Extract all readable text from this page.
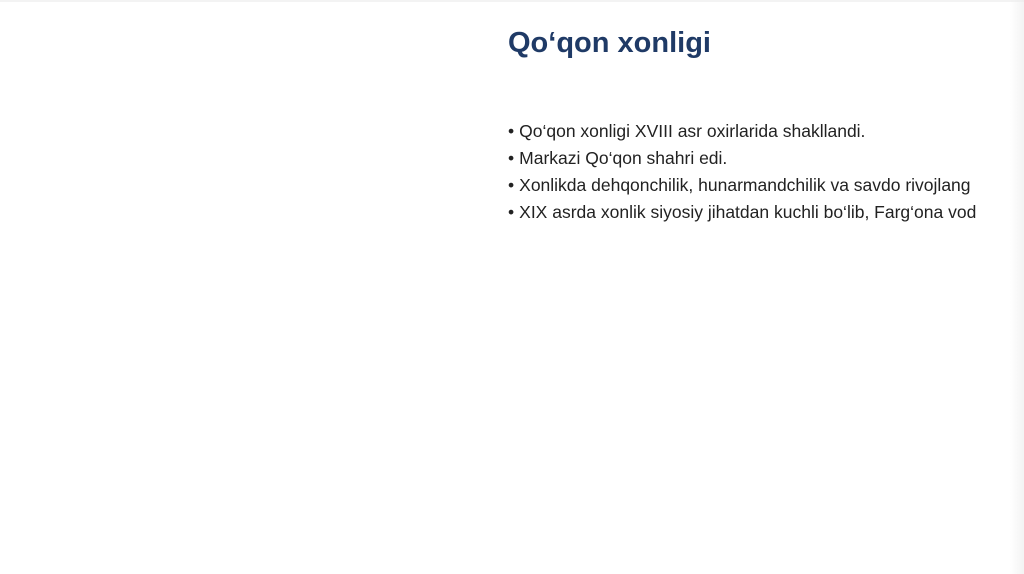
Qo‘qon xonligi
• Qo‘qon xonligi XVIII asr oxirlarida shakllandi.
• Markazi Qo‘qon shahri edi.
• Xonlikda dehqonchilik, hunarmandchilik va savdo rivojlang
• XIX asrda xonlik siyosiy jihatdan kuchli bo‘lib, Farg‘ona vod
